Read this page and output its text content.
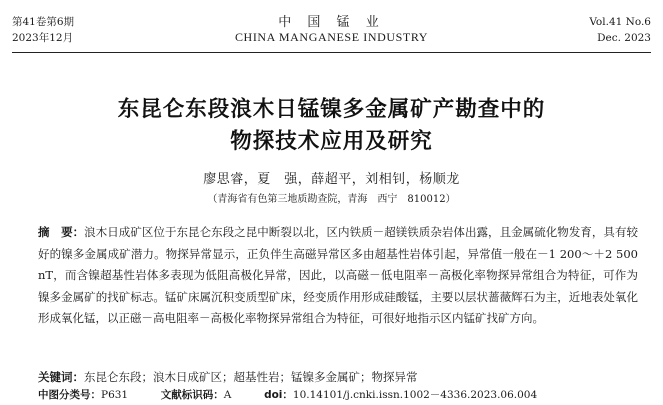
第41卷第6期
2023年12月
中 国 锰 业
CHINA MANGANESE INDUSTRY
Vol.41 No.6
Dec. 2023
东昆仑东段浪木日锰镍多金属矿产勘查中的
物探技术应用及研究
廖思睿，夏　强，薛超平，刘相钊，杨顺龙
（青海省有色第三地质勘查院，青海　西宁　810012）
摘　要：浪木日成矿区位于东昆仑东段之昆中断裂以北，区内铁质－超镁铁质杂岩体出露，且金属硫化物发育，具有较好的镍多金属成矿潜力。物探异常显示，正负伴生高磁异常区多由超基性岩体引起，异常值一般在－1 200～＋2 500 nT，而含镍超基性岩体多表现为低阻高极化异常，因此，以高磁－低电阻率－高极化率物探异常组合为特征，可作为镍多金属矿的找矿标志。锰矿床属沉积变质型矿床，经变质作用形成硅酸锰，主要以层状蔷薇辉石为主，近地表处氧化形成氧化锰，以正磁－高电阻率－高极化率物探异常组合为特征，可很好地指示区内锰矿找矿方向。
关键词：东昆仑东段；浪木日成矿区；超基性岩；锰镍多金属矿；物探异常
中图分类号：P631	文献标识码：A	doi：10.14101/j.cnki.issn.1002－4336.2023.06.004
